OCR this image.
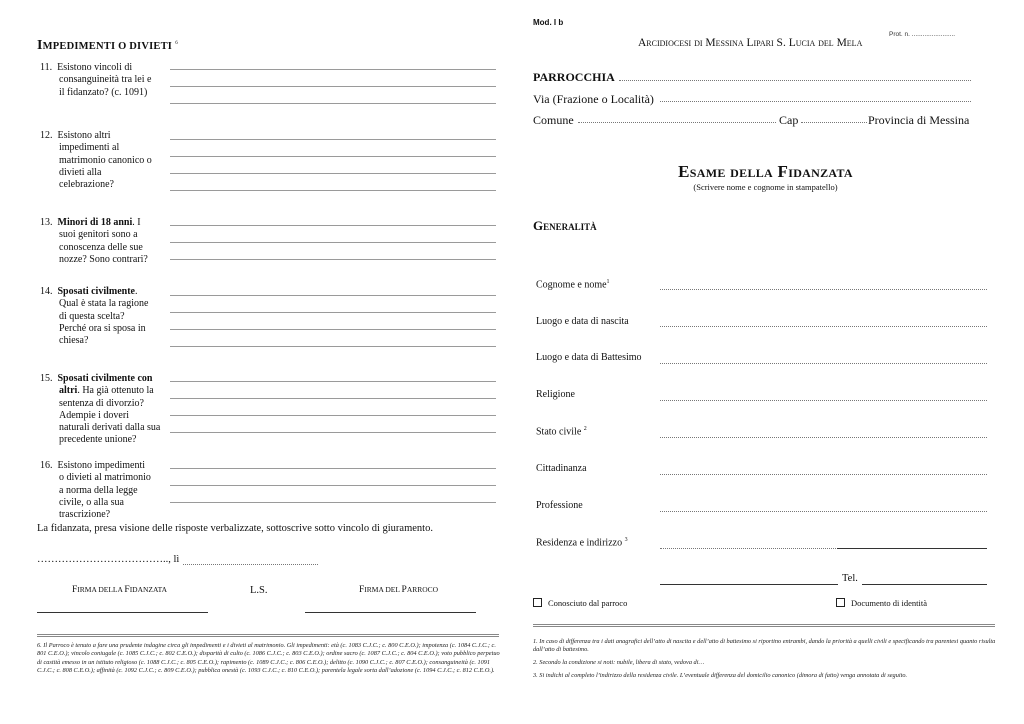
IMPEDIMENTI O DIVIETI $^6$
11. Esistono vincoli di
consanguineità tra lei e
il fidanzato? (c. 1091)
12. Esistono altri
impedimenti al
matrimonio canonico o
divieti alla
celebrazione?
13. Minori di 18 anni. I
suoi genitori sono a
conoscenza delle sue
nozze? Sono contrari?
14. Sposati civilmente.
Qual è stata la ragione
di questa scelta?
Perché ora si sposa in
chiesa?
15. Sposati civilmente con
altri. Ha già ottenuto la
sentenza di divorzio?
Adempie i doveri
naturali derivati dalla sua
precedente unione?
16. Esistono impedimenti
o divieti al matrimonio
a norma della legge
civile, o alla sua
trascrizione?
La fidanzata, presa visione delle risposte verbalizzate, sottoscrive sotto vincolo di giuramento.
……………………………….., lì
FIRMA DELLA FIDANZATA	L.S.	FIRMA DEL PARROCO
6. Il Parroco è tenuto a fare una prudente indagine circa gli impedimenti e i divieti al matrimonio. Gli impedimenti: età (c. 1083 C.J.C.; c. 800 C.E.O.); impotenza (c. 1084 C.J.C.; c. 801 C.E.O.); vincolo coniugale (c. 1085 C.J.C.; c. 802 C.E.O.); disparità di culto (c. 1086 C.J.C.; c. 803 C.E.O.); ordine sacro (c. 1087 C.J.C.; c. 804 C.E.O.); voto pubblico perpetuo di castità emesso in un istituto religioso (c. 1088 C.J.C.; c. 805 C.E.O.); rapimento (c. 1089 C.J.C.; c. 806 C.E.O.); delitto (c. 1090 C.J.C.; c. 807 C.E.O.); consanguineità (c. 1091 C.J.C.; c. 808 C.E.O.); affinità (c. 1092 C.J.C.; c. 809 C.E.O.); pubblica onestà (c. 1093 C.J.C.; c. 810 C.E.O.); parentela legale sorta dall’adozione (c. 1094 C.J.C.; c. 812 C.E.O.).
Mod. I b
Prot. n. ........................
Arcidiocesi di Messina Lipari S. Lucia del Mela
PARROCCHIA
Via (Frazione o Località)
Comune	Cap	Provincia di Messina
Esame della Fidanzata
(Scrivere nome e cognome in stampatello)
Generalità
Cognome e nome$^1$
Luogo e data di nascita
Luogo e data di Battesimo
Religione
Stato civile $^2$
Cittadinanza
Professione
Residenza e indirizzo $^3$
Tel.
Conosciuto dal parroco	Documento di identità
1. In caso di differenza tra i dati anagrafici dell’atto di nascita e dell’atto di battesimo si riportino entrambi, dando la priorità a quelli civili e specificando tra parentesi quanto risulta dall’atto di battesimo.
2. Secondo la condizione si noti: nubile, libera di stato, vedova di…
3. Si indichi al completo l’indirizzo della residenza civile. L’eventuale differenza del domicilio canonico (dimora di fatto) venga annotata di seguito.
